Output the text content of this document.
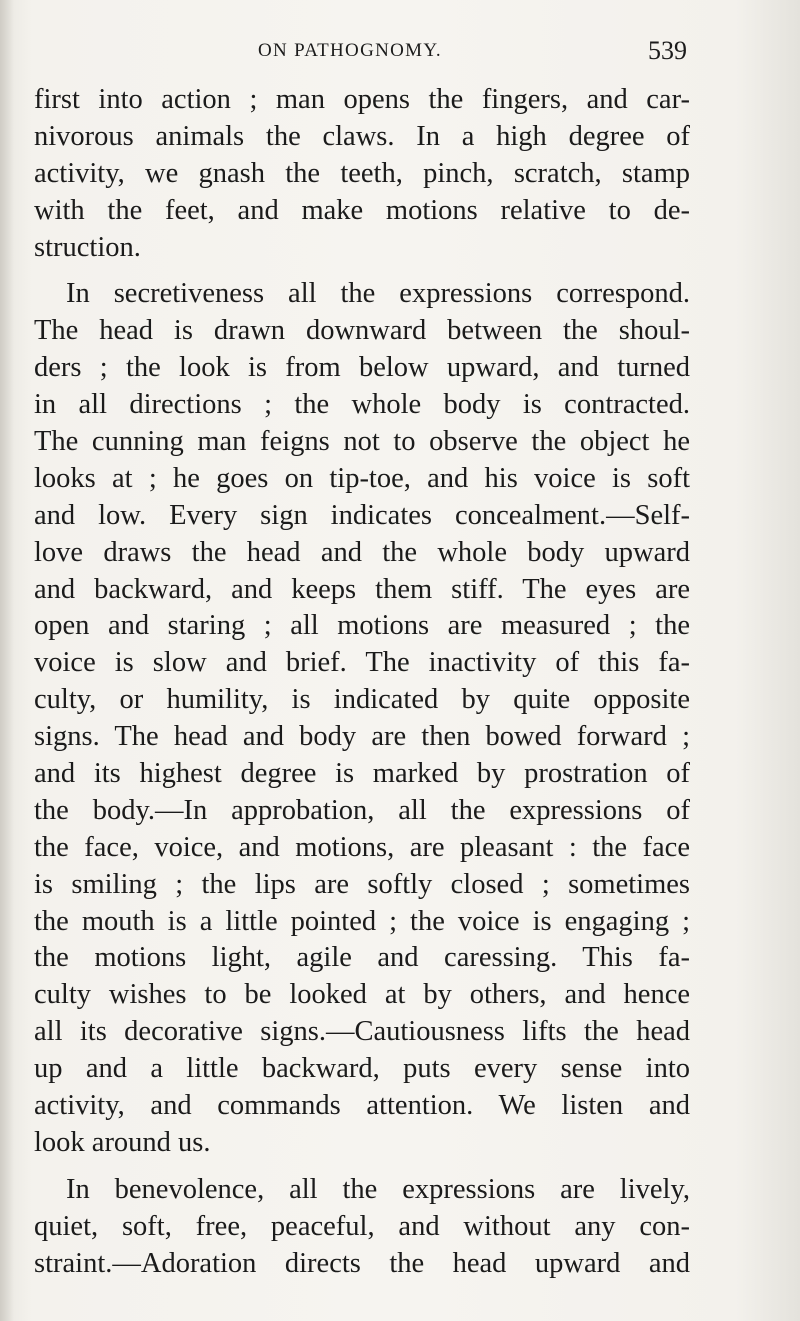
ON PATHOGNOMY.	539
first into action ; man opens the fingers, and car-
nivorous animals the claws. In a high degree of
activity, we gnash the teeth, pinch, scratch, stamp
with the feet, and make motions relative to de-
struction.
In secretiveness all the expressions correspond.
The head is drawn downward between the shoul-
ders ; the look is from below upward, and turned
in all directions ; the whole body is contracted.
The cunning man feigns not to observe the object he
looks at ; he goes on tip-toe, and his voice is soft
and low. Every sign indicates concealment.—Self-
love draws the head and the whole body upward
and backward, and keeps them stiff. The eyes are
open and staring ; all motions are measured ; the
voice is slow and brief. The inactivity of this fa-
culty, or humility, is indicated by quite opposite
signs. The head and body are then bowed forward ;
and its highest degree is marked by prostration of
the body.—In approbation, all the expressions of
the face, voice, and motions, are pleasant : the face
is smiling ; the lips are softly closed ; sometimes
the mouth is a little pointed ; the voice is engaging ;
the motions light, agile and caressing. This fa-
culty wishes to be looked at by others, and hence
all its decorative signs.—Cautiousness lifts the head
up and a little backward, puts every sense into
activity, and commands attention. We listen and
look around us.
In benevolence, all the expressions are lively,
quiet, soft, free, peaceful, and without any con-
straint.—Adoration directs the head upward and
